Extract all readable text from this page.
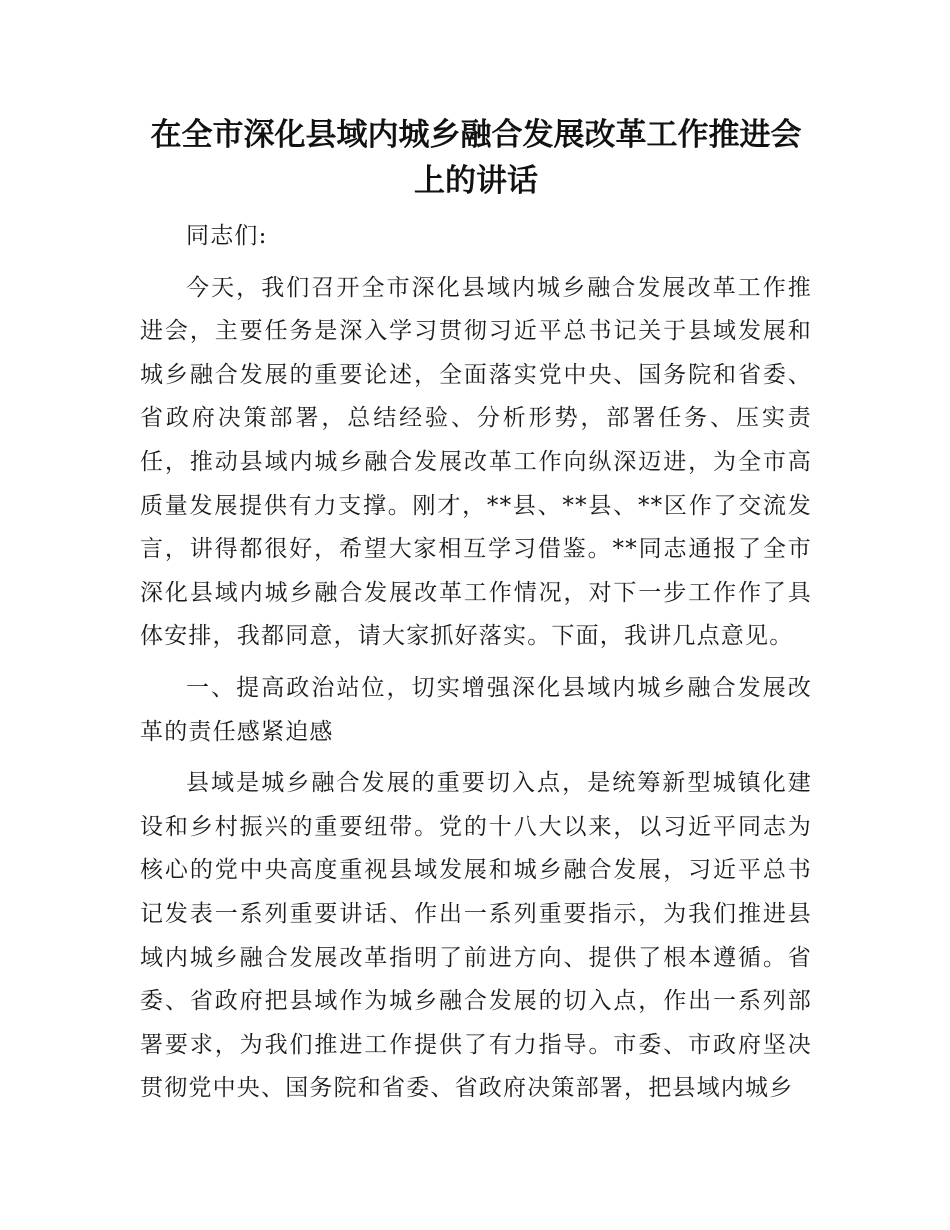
在全市深化县域内城乡融合发展改革工作推进会上的讲话

同志们:

今天，我们召开全市深化县域内城乡融合发展改革工作推进会，主要任务是深入学习贯彻习近平总书记关于县域发展和城乡融合发展的重要论述，全面落实党中央、国务院和省委、省政府决策部署，总结经验、分析形势，部署任务、压实责任，推动县域内城乡融合发展改革工作向纵深迈进，为全市高质量发展提供有力支撑。刚才，**县、**县、**区作了交流发言，讲得都很好，希望大家相互学习借鉴。**同志通报了全市深化县域内城乡融合发展改革工作情况，对下一步工作作了具体安排，我都同意，请大家抓好落实。下面，我讲几点意见。

一、提高政治站位，切实增强深化县域内城乡融合发展改革的责任感紧迫感

县域是城乡融合发展的重要切入点，是统筹新型城镇化建设和乡村振兴的重要纽带。党的十八大以来，以习近平同志为核心的党中央高度重视县域发展和城乡融合发展，习近平总书记发表一系列重要讲话、作出一系列重要指示，为我们推进县域内城乡融合发展改革指明了前进方向、提供了根本遵循。省委、省政府把县域作为城乡融合发展的切入点，作出一系列部署要求，为我们推进工作提供了有力指导。市委、市政府坚决贯彻党中央、国务院和省委、省政府决策部署，把县域内城乡
